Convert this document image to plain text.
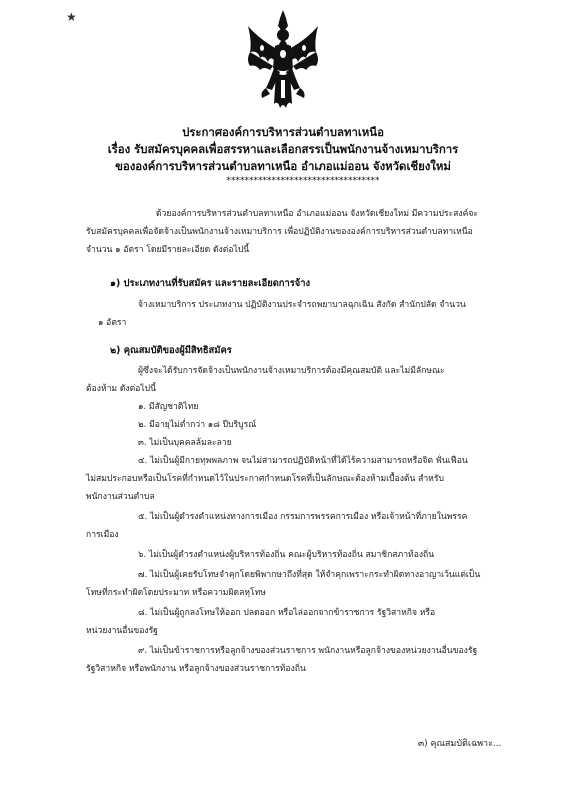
★
ประกาศองค์การบริหารส่วนตำบลทาเหนือ
เรื่อง รับสมัครบุคคลเพื่อสรรหาและเลือกสรรเป็นพนักงานจ้างเหมาบริการ
ขององค์การบริหารส่วนตำบลทาเหนือ อำเภอแม่ออน จังหวัดเชียงใหม่
**********************************
ด้วยองค์การบริหารส่วนตำบลทาเหนือ อำเภอแม่ออน จังหวัดเชียงใหม่ มีความประสงค์จะ
รับสมัครบุคคลเพื่อจัดจ้างเป็นพนักงานจ้างเหมาบริการ เพื่อปฏิบัติงานขององค์การบริหารส่วนตำบลทาเหนือ
จำนวน ๑ อัตรา โดยมีรายละเอียด ดังต่อไปนี้
๑) ประเภทงานที่รับสมัคร และรายละเอียดการจ้าง
จ้างเหมาบริการ ประเภทงาน ปฏิบัติงานประจำรถพยาบาลฉุกเฉิน สังกัด สำนักปลัด จำนวน
๑ อัตรา
๒) คุณสมบัติของผู้มีสิทธิสมัคร
ผู้ซึ่งจะได้รับการจัดจ้างเป็นพนักงานจ้างเหมาบริการต้องมีคุณสมบัติ และไม่มีลักษณะ
ต้องห้าม ดังต่อไปนี้
๑. มีสัญชาติไทย
๒. มีอายุไม่ต่ำกว่า ๑๘ ปีบริบูรณ์
๓. ไม่เป็นบุคคลล้มละลาย
๔. ไม่เป็นผู้มีกายทุพพลภาพ จนไม่สามารถปฏิบัติหน้าที่ได้ไร้ความสามารถหรือจิต ฟั่นเฟือน
ไม่สมประกอบหรือเป็นโรคที่กำหนดไว้ในประกาศกำหนดโรคที่เป็นลักษณะต้องห้ามเบื้องต้น สำหรับ
พนักงานส่วนตำบล
๕. ไม่เป็นผู้ดำรงตำแหน่งทางการเมือง กรรมการพรรคการเมือง หรือเจ้าหน้าที่ภายในพรรค
การเมือง
๖. ไม่เป็นผู้ดำรงตำแหน่งผู้บริหารท้องถิ่น คณะผู้บริหารท้องถิ่น สมาชิกสภาท้องถิ่น
๗. ไม่เป็นผู้เคยรับโทษจำคุกโดยพิพากษาถึงที่สุด ให้จำคุกเพราะกระทำผิดทางอาญาเว้นแต่เป็น
โทษที่กระทำผิดโดยประมาท หรือความผิดลหุโทษ
๘. ไม่เป็นผู้ถูกลงโทษให้ออก ปลดออก หรือไล่ออกจากข้าราชการ รัฐวิสาหกิจ หรือ
หน่วยงานอื่นของรัฐ
๙. ไม่เป็นข้าราชการหรือลูกจ้างของส่วนราชการ พนักงานหรือลูกจ้างของหน่วยงานอื่นของรัฐ
รัฐวิสาหกิจ หรือพนักงาน หรือลูกจ้างของส่วนราชการท้องถิ่น
๓) คุณสมบัติเฉพาะ...
